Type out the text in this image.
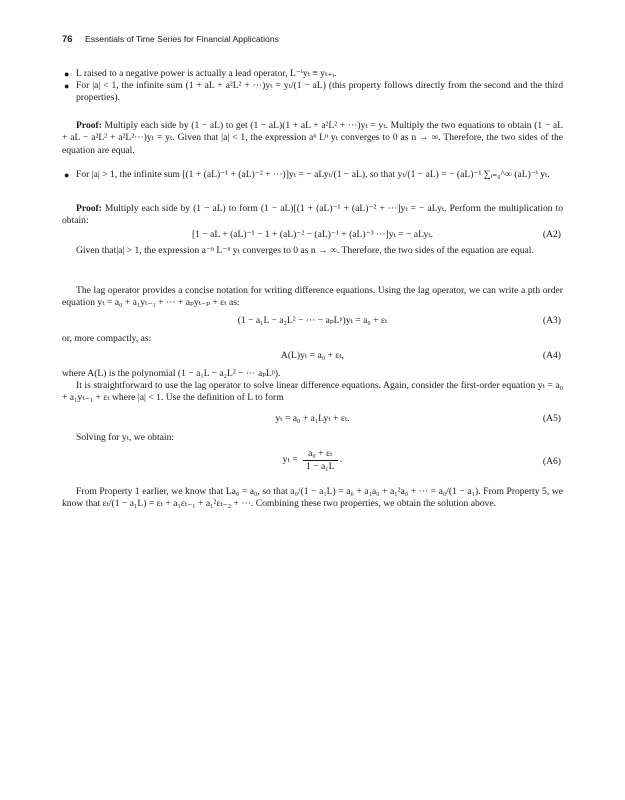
76 Essentials of Time Series for Financial Applications
● L raised to a negative power is actually a lead operator, L⁻ⁱyₜ ≡ yₜ₊ᵢ.
● For |a| < 1, the infinite sum (1 + aL + a²L² + ···)yₜ = yₜ/(1 − aL) (this property follows directly from the second and the third properties).
Proof: Multiply each side by (1 − aL) to get (1 − aL)(1 + aL + a²L² + ···)yₜ = yₜ. Multiply the two equations to obtain (1 − aL + aL − a²L² + a²L²···)yₜ = yₜ. Given that |a| < 1, the expression aⁿ Lⁿ yₜ converges to 0 as n → ∞. Therefore, the two sides of the equation are equal.
● For |a| > 1, the infinite sum [(1 + (aL)⁻¹ + (aL)⁻² + ···)]yₜ = − aLyₜ/(1 − aL), so that yₜ/(1 − aL) = − (aL)⁻¹ ∑ᵢ₌₀^∞ (aL)⁻ⁱ yₜ.
Proof: Multiply each side by (1 − aL) to form (1 − aL)[(1 + (aL)⁻¹ + (aL)⁻² + ···]yₜ = − aLyₜ. Perform the multiplication to obtain:
[1 − aL + (aL)⁻¹ − 1 + (aL)⁻² − (aL)⁻¹ + (aL)⁻³ ···]yₜ = − aLyₜ.	(A2)
Given that|a| > 1, the expression a⁻ⁿ L⁻ⁿ yₜ converges to 0 as n → ∞. Therefore, the two sides of the equation are equal.
The lag operator provides a concise notation for writing difference equations. Using the lag operator, we can write a pth order equation yₜ = a₀ + a₁yₜ₋₁ + ··· + aₚyₜ₋ₚ + εₜ as:
(1 − a₁L − a₂L² − ··· − aₚLᵖ)yₜ = a₀ + εₜ	(A3)
or, more compactly, as:
A(L)yₜ = a₀ + εₜ,	(A4)
where A(L) is the polynomial (1 − a₁L − a₂L² − ··· aₚLᵖ).
It is straightforward to use the lag operator to solve linear difference equations. Again, consider the first-order equation yₜ = a₀ + a₁yₜ₋₁ + εₜ where |a| < 1. Use the definition of L to form
yₜ = a₀ + a₁Lyₜ + εₜ.	(A5)
Solving for yₜ, we obtain:
$y_t = \frac{\text{a₀ + εₜ}}{\text{1 − a₁L}}$ .	(A6)
From Property 1 earlier, we know that La₀ = a₀, so that a₀/(1 − a₁L) = a₀ + a₁a₀ + a₁²a₀ + ··· = a₀/(1 − a₁). From Property 5, we know that εₜ/(1 − a₁L) = εₜ + a₁εₜ₋₁ + a₁²εₜ₋₂ + ···. Combining these two properties, we obtain the solution above.
